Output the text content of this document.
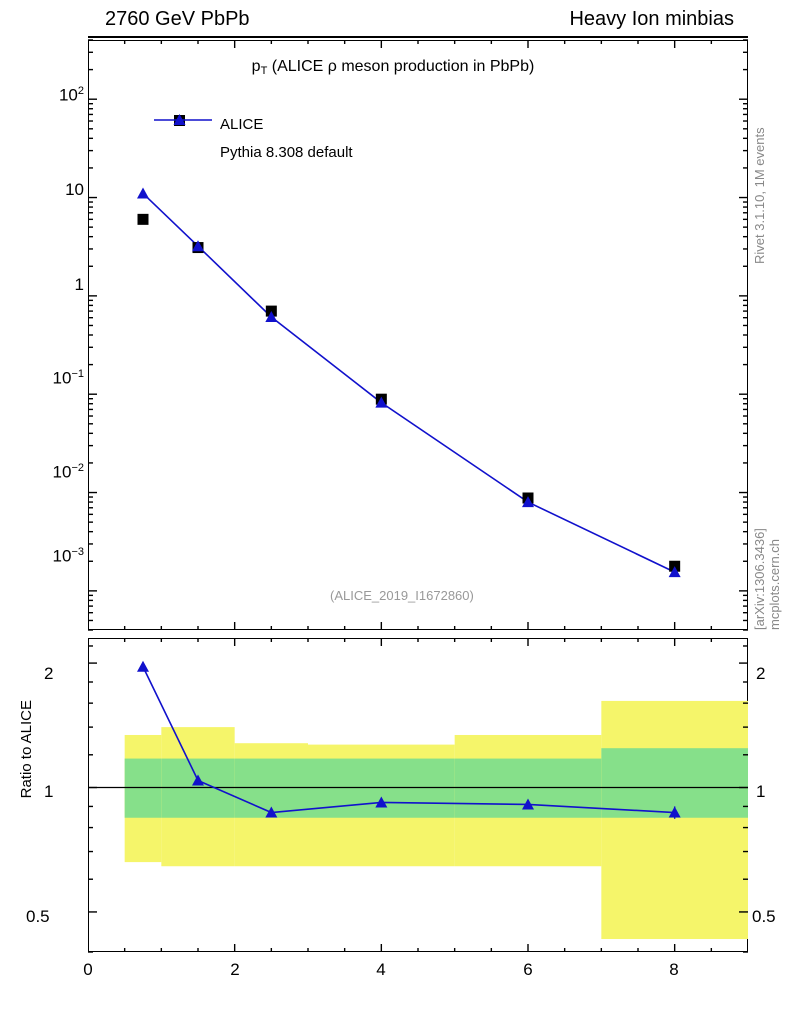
2760 GeV PbPb	Heavy Ion minbias
$p_T$ (ALICE ρ meson production in PbPb)
Rivet 3.1.10, 1M events
[arXiv:1306.3436] mcplots.cern.ch
Ratio to ALICE
ALICE
Pythia 8.308 default
$10^2$
10
1
$10^{-1}$
$10^{-2}$
$10^{-3}$
2
1
0.5
2
1
0.5
0	2	4	6	8
(ALICE_2019_I1672860)
